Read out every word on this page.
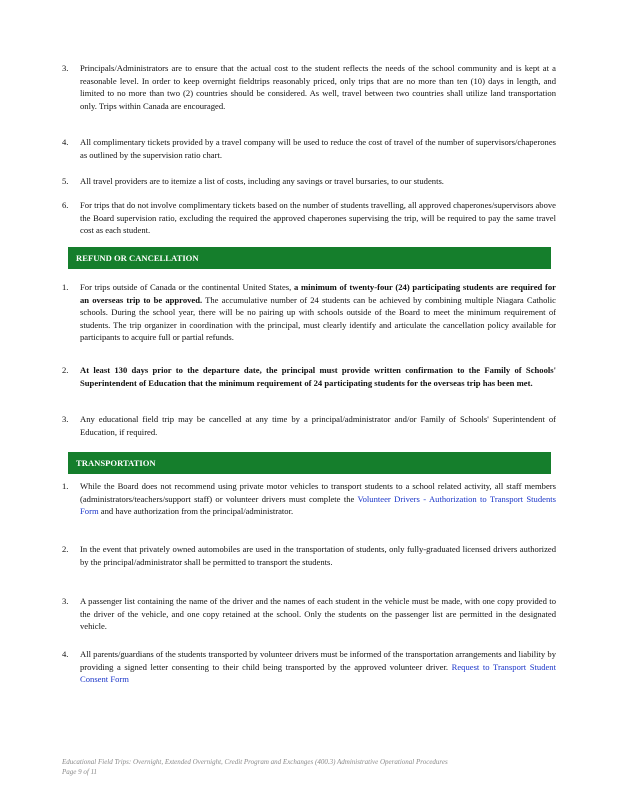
3. Principals/Administrators are to ensure that the actual cost to the student reflects the needs of the school community and is kept at a reasonable level. In order to keep overnight fieldtrips reasonably priced, only trips that are no more than ten (10) days in length, and limited to no more than two (2) countries should be considered. As well, travel between two countries shall utilize land transportation only. Trips within Canada are encouraged.

4. All complimentary tickets provided by a travel company will be used to reduce the cost of travel of the number of supervisors/chaperones as outlined by the supervision ratio chart.

5. All travel providers are to itemize a list of costs, including any savings or travel bursaries, to our students.

6. For trips that do not involve complimentary tickets based on the number of students travelling, all approved chaperones/supervisors above the Board supervision ratio, excluding the required the approved chaperones supervising the trip, will be required to pay the same travel cost as each student.

REFUND OR CANCELLATION
1. For trips outside of Canada or the continental United States, a minimum of twenty-four (24) participating students are required for an overseas trip to be approved. The accumulative number of 24 students can be achieved by combining multiple Niagara Catholic schools. During the school year, there will be no pairing up with schools outside of the Board to meet the minimum requirement of students. The trip organizer in coordination with the principal, must clearly identify and articulate the cancellation policy available for participants to acquire full or partial refunds.

2. At least 130 days prior to the departure date, the principal must provide written confirmation to the Family of Schools' Superintendent of Education that the minimum requirement of 24 participating students for the overseas trip has been met.

3. Any educational field trip may be cancelled at any time by a principal/administrator and/or Family of Schools' Superintendent of Education, if required.

TRANSPORTATION
1. While the Board does not recommend using private motor vehicles to transport students to a school related activity, all staff members (administrators/teachers/support staff) or volunteer drivers must complete the Volunteer Drivers - Authorization to Transport Students Form and have authorization from the principal/administrator.

2. In the event that privately owned automobiles are used in the transportation of students, only fully-graduated licensed drivers authorized by the principal/administrator shall be permitted to transport the students.

3. A passenger list containing the name of the driver and the names of each student in the vehicle must be made, with one copy provided to the driver of the vehicle, and one copy retained at the school. Only the students on the passenger list are permitted in the designated vehicle.

4. All parents/guardians of the students transported by volunteer drivers must be informed of the transportation arrangements and liability by providing a signed letter consenting to their child being transported by the approved volunteer driver. Request to Transport Student Consent Form

Educational Field Trips: Overnight, Extended Overnight, Credit Program and Exchanges (400.3) Administrative Operational Procedures
Page 9 of 11
